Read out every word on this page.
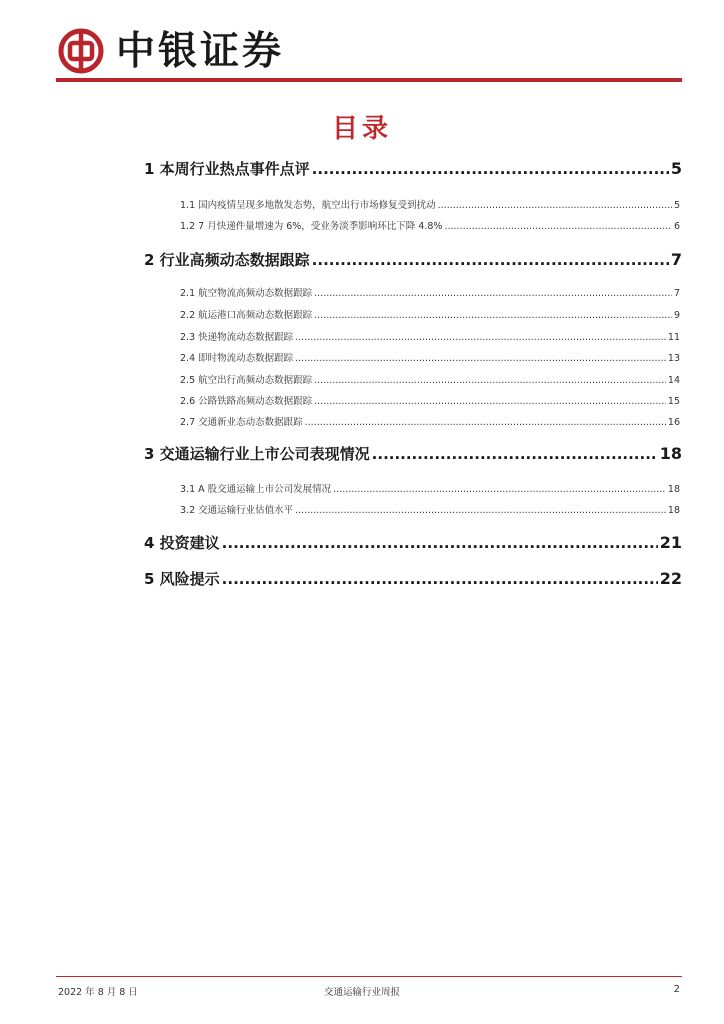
中银证券
目录
1 本周行业热点事件点评 .....	5
1.1 国内疫情呈现多地散发态势，航空出行市场修复受到扰动 .....	5
1.2 7 月快递件量增速为 6%，受业务淡季影响环比下降 4.8% .....	6
2 行业高频动态数据跟踪 .....	7
2.1 航空物流高频动态数据跟踪 .....	7
2.2 航运港口高频动态数据跟踪 .....	9
2.3 快递物流动态数据跟踪 .....	11
2.4 即时物流动态数据跟踪 .....	13
2.5 航空出行高频动态数据跟踪 .....	14
2.6 公路铁路高频动态数据跟踪 .....	15
2.7 交通新业态动态数据跟踪 .....	16
3 交通运输行业上市公司表现情况 .....	18
3.1 A 股交通运输上市公司发展情况 .....	18
3.2 交通运输行业估值水平 .....	18
4 投资建议 .....	21
5 风险提示 .....	22
2022 年 8 月 8 日	交通运输行业周报	2
